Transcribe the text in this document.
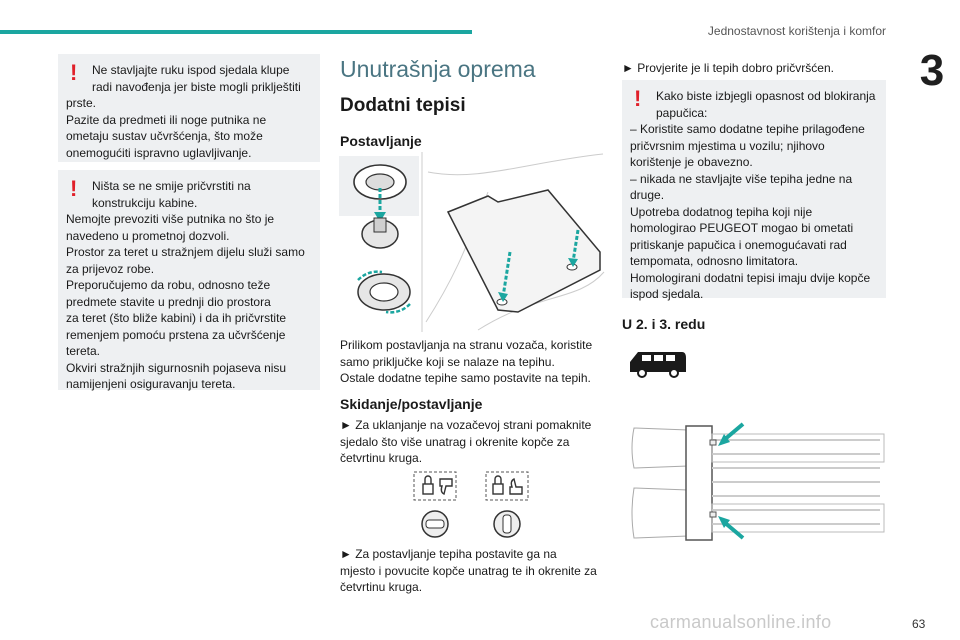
Jednostavnost korištenja i komfor
3
63
carmanualsonline.info
!	Ne stavljajte ruku ispod sjedala klupe

radi navođenja jer biste mogli priklještiti

prste.

Pazite da predmeti ili noge putnika ne

ometaju sustav učvršćenja, što može

onemogućiti ispravno uglavljivanje.

!	Ništa se ne smije pričvrstiti na

konstrukciju kabine.

Nemojte prevoziti više putnika no što je

navedeno u prometnoj dozvoli.

Prostor za teret u stražnjem dijelu služi samo

za prijevoz robe.

Preporučujemo da robu, odnosno teže

predmete stavite u prednji dio prostora

za teret (što bliže kabini) i da ih pričvrstite

remenjem pomoću prstena za učvršćenje

tereta.

Okviri stražnjih sigurnosnih pojaseva nisu

namijenjeni osiguravanju tereta.

Unutrašnja oprema
Dodatni tepisi
Postavljanje
Prilikom postavljanja na stranu vozača, koristite
samo priključke koji se nalaze na tepihu.
Ostale dodatne tepihe samo postavite na tepih.
Skidanje/postavljanje
► Za uklanjanje na vozačevoj strani pomaknite
sjedalo što više unatrag i okrenite kopče za
četvrtinu kruga.
► Za postavljanje tepiha postavite ga na
mjesto i povucite kopče unatrag te ih okrenite za
četvrtinu kruga.
► Provjerite je li tepih dobro pričvršćen.
!	Kako biste izbjegli opasnost od blokiranja

papučica:

– Koristite samo dodatne tepihe prilagođene

pričvrsnim mjestima u vozilu; njihovo

korištenje je obavezno.

– nikada ne stavljajte više tepiha jedne na

druge.

Upotreba dodatnog tepiha koji nije

homologirao PEUGEOT mogao bi ometati

pritiskanje papučica i onemogućavati rad

tempomata, odnosno limitatora.

Homologirani dodatni tepisi imaju dvije kopče

ispod sjedala.

U 2. i 3. redu
